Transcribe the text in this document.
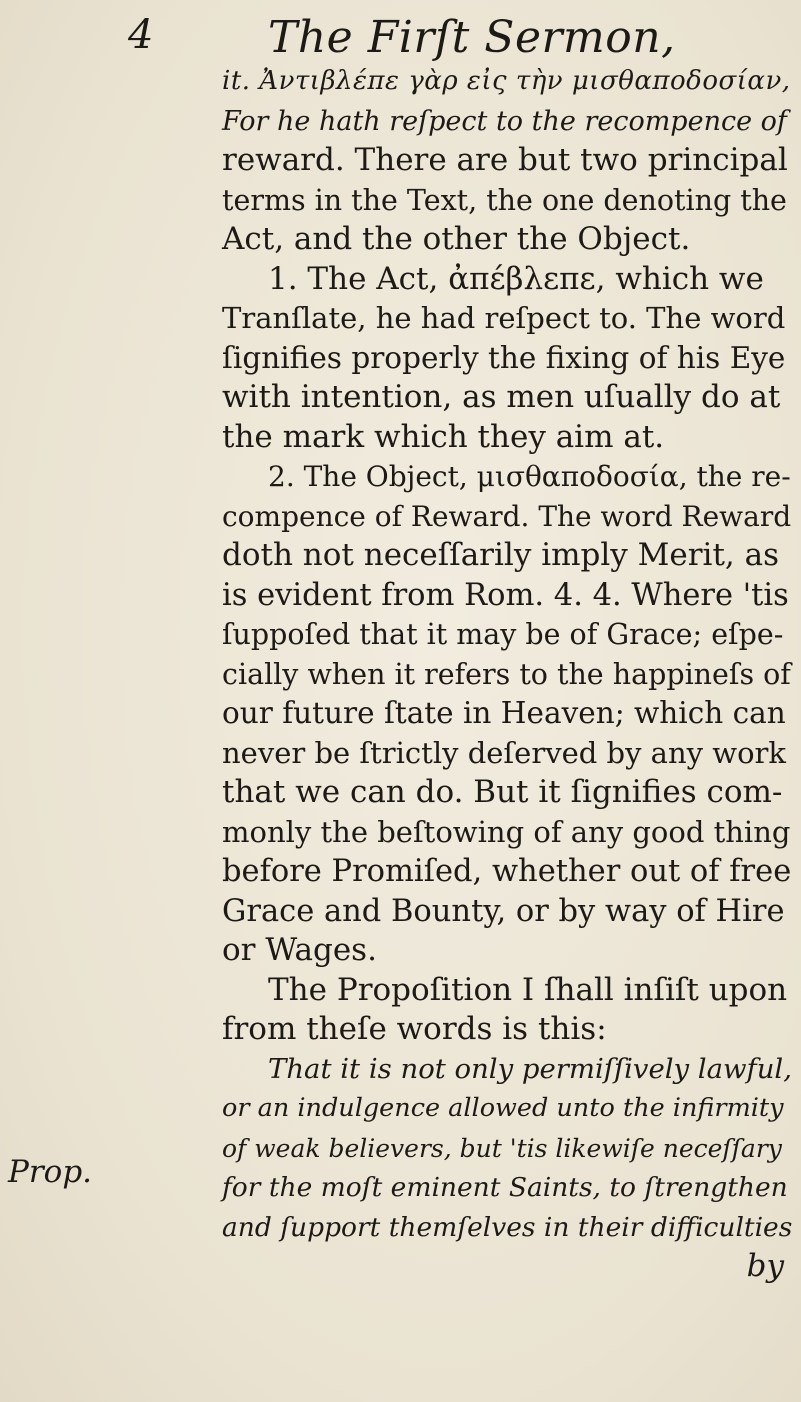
4	The Firſt Sermon,
Prop.
it. Ἀντιβλέπε γὰρ εἰς τὴν μισθαποδοσίαν,
For he hath reſpect to the recompence of
reward. There are but two principal
terms in the Text, the one denoting the
Act, and the other the Object.
1. The Act, ἀπέβλεπε, which we
Tranſlate, he had reſpect to. The word
ſignifies properly the fixing of his Eye
with intention, as men uſually do at
the mark which they aim at.
2. The Object, μισθαποδοσία, the re-
compence of Reward. The word Reward
doth not neceſſarily imply Merit, as
is evident from Rom. 4. 4. Where 'tis
ſuppoſed that it may be of Grace; eſpe-
cially when it refers to the happineſs of
our future ſtate in Heaven; which can
never be ſtrictly deſerved by any work
that we can do. But it ſignifies com-
monly the beſtowing of any good thing
before Promiſed, whether out of free
Grace and Bounty, or by way of Hire
or Wages.
The Propoſition I ſhall inſiſt upon
from theſe words is this:
That it is not only permiſſively lawful,
or an indulgence allowed unto the infirmity
of weak believers, but 'tis likewiſe neceſſary
for the moſt eminent Saints, to ſtrengthen
and ſupport themſelves in their difficulties
by
